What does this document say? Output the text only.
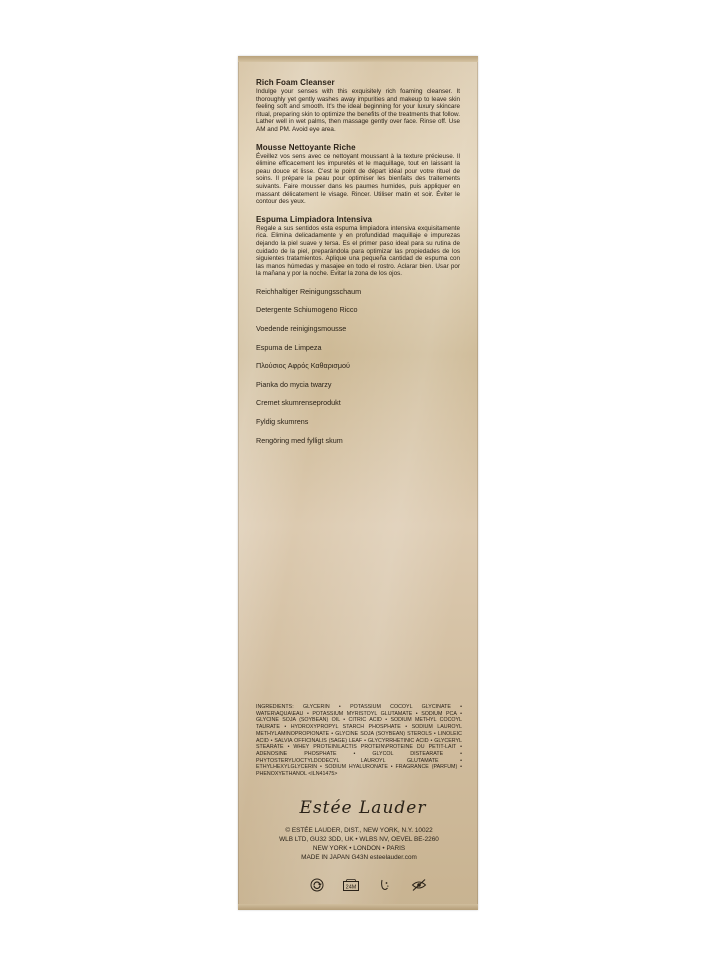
Rich Foam Cleanser

Indulge your senses with this exquisitely rich foaming cleanser. It thoroughly yet gently washes away impurities and makeup to leave skin feeling soft and smooth. It's the ideal beginning for your luxury skincare ritual, preparing skin to optimize the benefits of the treatments that follow. Lather well in wet palms, then massage gently over face. Rinse off. Use AM and PM. Avoid eye area.

Mousse Nettoyante Riche

Éveillez vos sens avec ce nettoyant moussant à la texture précieuse. Il élimine efficacement les impuretés et le maquillage, tout en laissant la peau douce et lisse. C'est le point de départ idéal pour votre rituel de soins. Il prépare la peau pour optimiser les bienfaits des traitements suivants. Faire mousser dans les paumes humides, puis appliquer en massant délicatement le visage. Rincer. Utiliser matin et soir. Éviter le contour des yeux.

Espuma Limpiadora Intensiva

Regale a sus sentidos esta espuma limpiadora intensiva exquisitamente rica. Elimina delicadamente y en profundidad maquillaje e impurezas dejando la piel suave y tersa. Es el primer paso ideal para su rutina de cuidado de la piel, preparándola para optimizar las propiedades de los siguientes tratamientos. Aplique una pequeña cantidad de espuma con las manos húmedas y masajee en todo el rostro. Aclarar bien. Usar por la mañana y por la noche. Evitar la zona de los ojos.

Reichhaltiger Reinigungsschaum

Detergente Schiumogeno Ricco

Voedende reinigingsmousse

Espuma de Limpeza

Πλούσιος Αφρός Καθαρισμού

Pianka do mycia twarzy

Cremet skumrenseprodukt

Fyldig skumrens

Rengöring med fylligt skum

INGREDIENTS: GLYCERIN • POTASSIUM COCOYL GLYCINATE • WATER\AQUA\EAU • POTASSIUM MYRISTOYL GLUTAMATE • SODIUM PCA • GLYCINE SOJA (SOYBEAN) OIL • CITRIC ACID • SODIUM METHYL COCOYL TAURATE • HYDROXYPROPYL STARCH PHOSPHATE • SODIUM LAUROYL METHYLAMINOPROPIONATE • GLYCINE SOJA (SOYBEAN) STEROLS • LINOLEIC ACID • SALVIA OFFICINALIS (SAGE) LEAF • GLYCYRRHETINIC ACID • GLYCERYL STEARATE • WHEY PROTEIN\LACTIS PROTEIN\PROTEINE DU PETIT-LAIT • ADENOSINE PHOSPHATE • GLYCOL DISTEARATE • PHYTOSTERYL/OCTYLDODECYL LAUROYL GLUTAMATE • ETHYLHEXYLGLYCERIN • SODIUM HYALURONATE • FRAGRANCE (PARFUM) • PHENOXYETHANOL <ILN41475>
Estée Lauder
© ESTÉE LAUDER, DIST., NEW YORK, N.Y. 10022
WLB LTD, GU32 3DD, UK • WLBS NV, OEVEL BE-2260
NEW YORK • LONDON • PARIS
MADE IN JAPAN G43N esteelauder.com
24M
